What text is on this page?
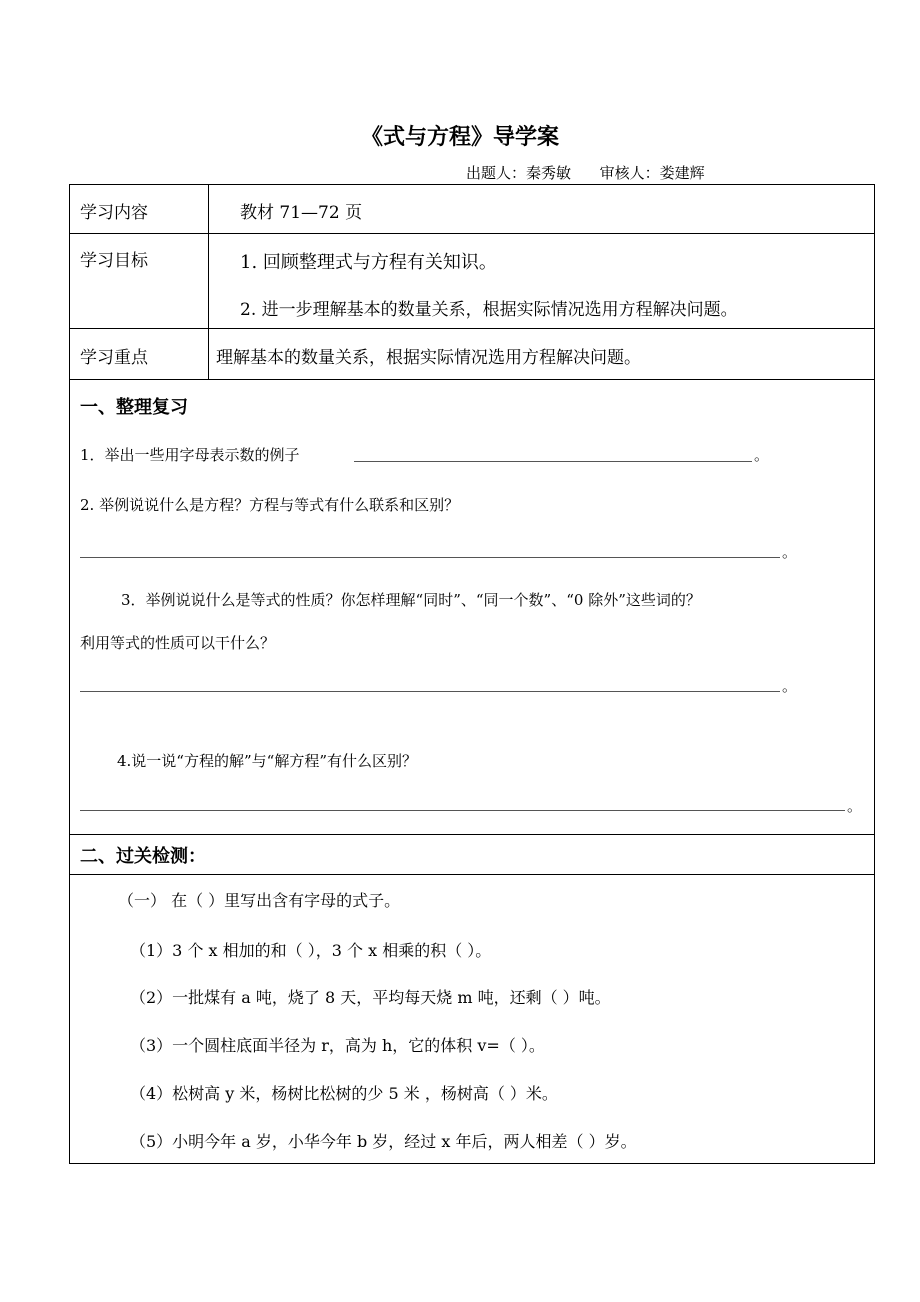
《式与方程》导学案
出题人：秦秀敏      审核人：娄建辉
学习内容	教材 71—72 页
学习目标	1. 回顾整理式与方程有关知识。
2. 进一步理解基本的数量关系，根据实际情况选用方程解决问题。
学习重点	理解基本的数量关系，根据实际情况选用方程解决问题。
一、整理复习
1．举出一些用字母表示数的例子	。
2. 举例说说什么是方程？方程与等式有什么联系和区别？
。
3．举例说说什么是等式的性质？你怎样理解“同时”、“同一个数”、“0 除外”这些词的？
利用等式的性质可以干什么？
。
4.说一说“方程的解”与“解方程”有什么区别？
。
二、过关检测：
（一） 在（ ）里写出含有字母的式子。
（1）3 个 x 相加的和（ ），3 个 x 相乘的积（ ）。
（2）一批煤有 a 吨，烧了 8 天，平均每天烧 m 吨，还剩（ ）吨。
（3）一个圆柱底面半径为 r，高为 h，它的体积 v=（ ）。
（4）松树高 y 米，杨树比松树的少 5 米 ，杨树高（ ）米。
（5）小明今年 a 岁，小华今年 b 岁，经过 x 年后，两人相差（ ）岁。
